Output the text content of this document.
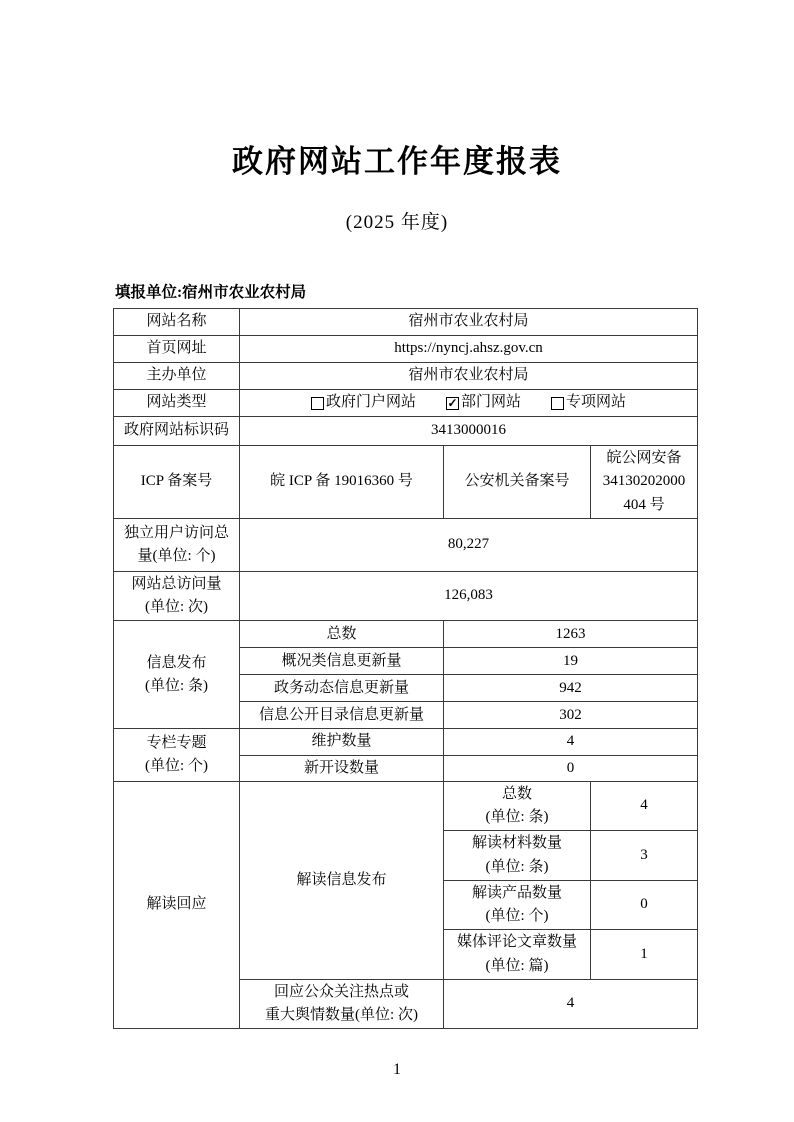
政府网站工作年度报表
(2025 年度)
填报单位:宿州市农业农村局
网站名称	宿州市农业农村局		
首页网址	https://nyncj.ahsz.gov.cn		
主办单位	宿州市农业农村局		
网站类型	政府门户网站 ✓ 部门网站 专项网站		

政府网站标识码	3413000016		
ICP 备案号	皖 ICP 备 19016360 号	公安机关备案号	皖公网安备
34130202000
404 号

独立用户访问总
量(单位: 个)	80,227		

网站总访问量
(单位: 次)	126,083		

信息发布
(单位: 条)	总数	1263	
	概况类信息更新量	19	
	政务动态信息更新量	942	
	信息公开目录信息更新量	302	

专栏专题
(单位: 个)	维护数量	4	
	新开设数量	0	
解读回应	解读信息发布	总数
(单位: 条)	4

		解读材料数量
(单位: 条)	3

		解读产品数量
(单位: 个)	0

		媒体评论文章数量
(单位: 篇)	1

	回应公众关注热点或
重大舆情数量(单位: 次)	4	
1
